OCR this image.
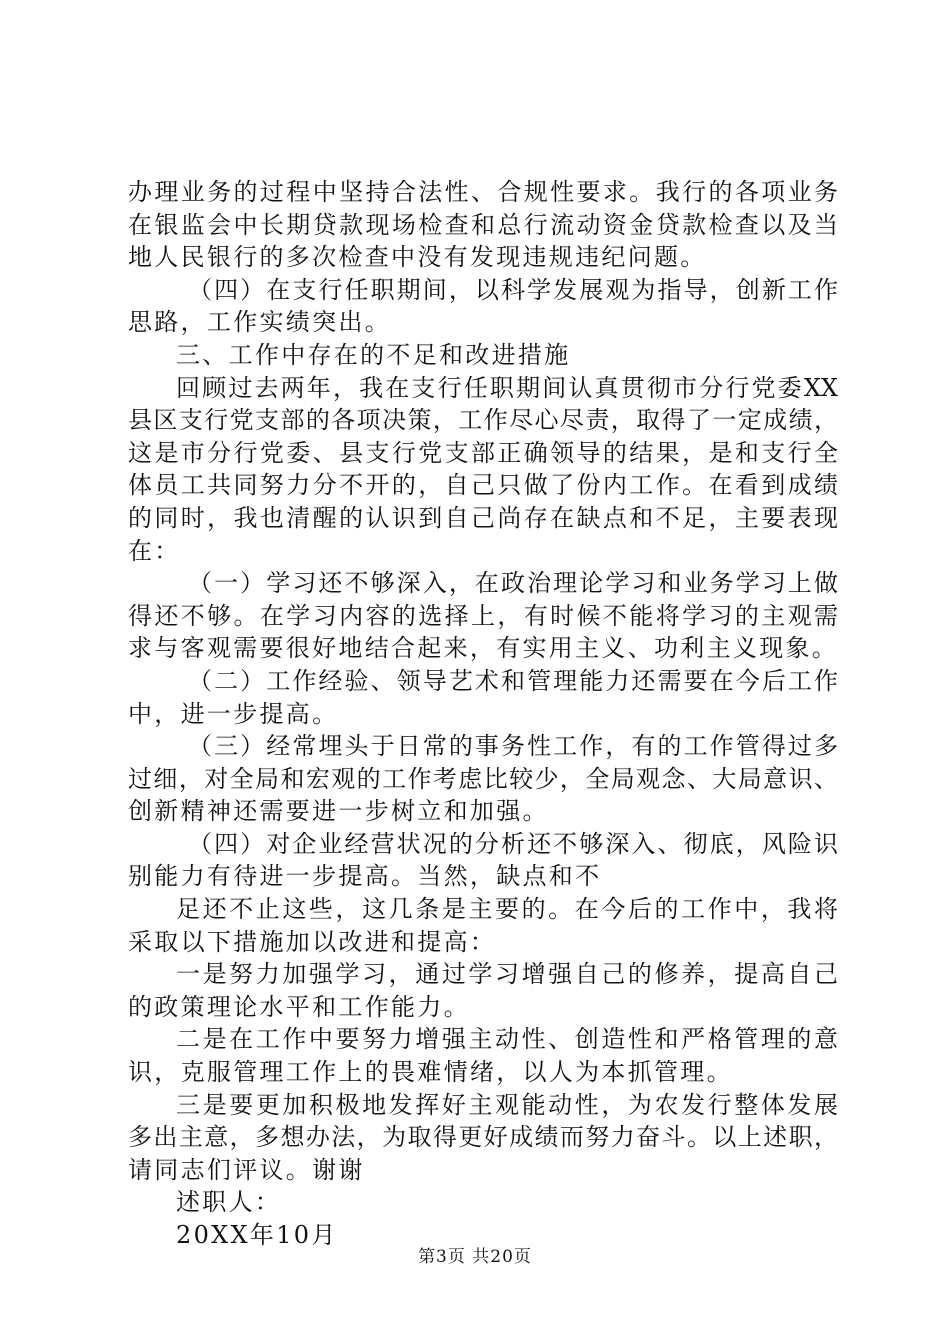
办理业务的过程中坚持合法性、合规性要求。我行的各项业务
在银监会中长期贷款现场检查和总行流动资金贷款检查以及当
地人民银行的多次检查中没有发现违规违纪问题。
（四）在支行任职期间，以科学发展观为指导，创新工作
思路，工作实绩突出。
三、工作中存在的不足和改进措施
回顾过去两年，我在支行任职期间认真贯彻市分行党委XX
县区支行党支部的各项决策，工作尽心尽责，取得了一定成绩，
这是市分行党委、县支行党支部正确领导的结果，是和支行全
体员工共同努力分不开的，自己只做了份内工作。在看到成绩
的同时，我也清醒的认识到自己尚存在缺点和不足，主要表现
在：
（一）学习还不够深入，在政治理论学习和业务学习上做
得还不够。在学习内容的选择上，有时候不能将学习的主观需
求与客观需要很好地结合起来，有实用主义、功利主义现象。
（二）工作经验、领导艺术和管理能力还需要在今后工作
中，进一步提高。
（三）经常埋头于日常的事务性工作，有的工作管得过多
过细，对全局和宏观的工作考虑比较少，全局观念、大局意识、
创新精神还需要进一步树立和加强。
（四）对企业经营状况的分析还不够深入、彻底，风险识
别能力有待进一步提高。当然，缺点和不
足还不止这些，这几条是主要的。在今后的工作中，我将
采取以下措施加以改进和提高：
一是努力加强学习，通过学习增强自己的修养，提高自己
的政策理论水平和工作能力。
二是在工作中要努力增强主动性、创造性和严格管理的意
识，克服管理工作上的畏难情绪，以人为本抓管理。
三是要更加积极地发挥好主观能动性，为农发行整体发展
多出主意，多想办法，为取得更好成绩而努力奋斗。以上述职，
请同志们评议。谢谢
述职人：
20XX年10月
第3页 共20页
